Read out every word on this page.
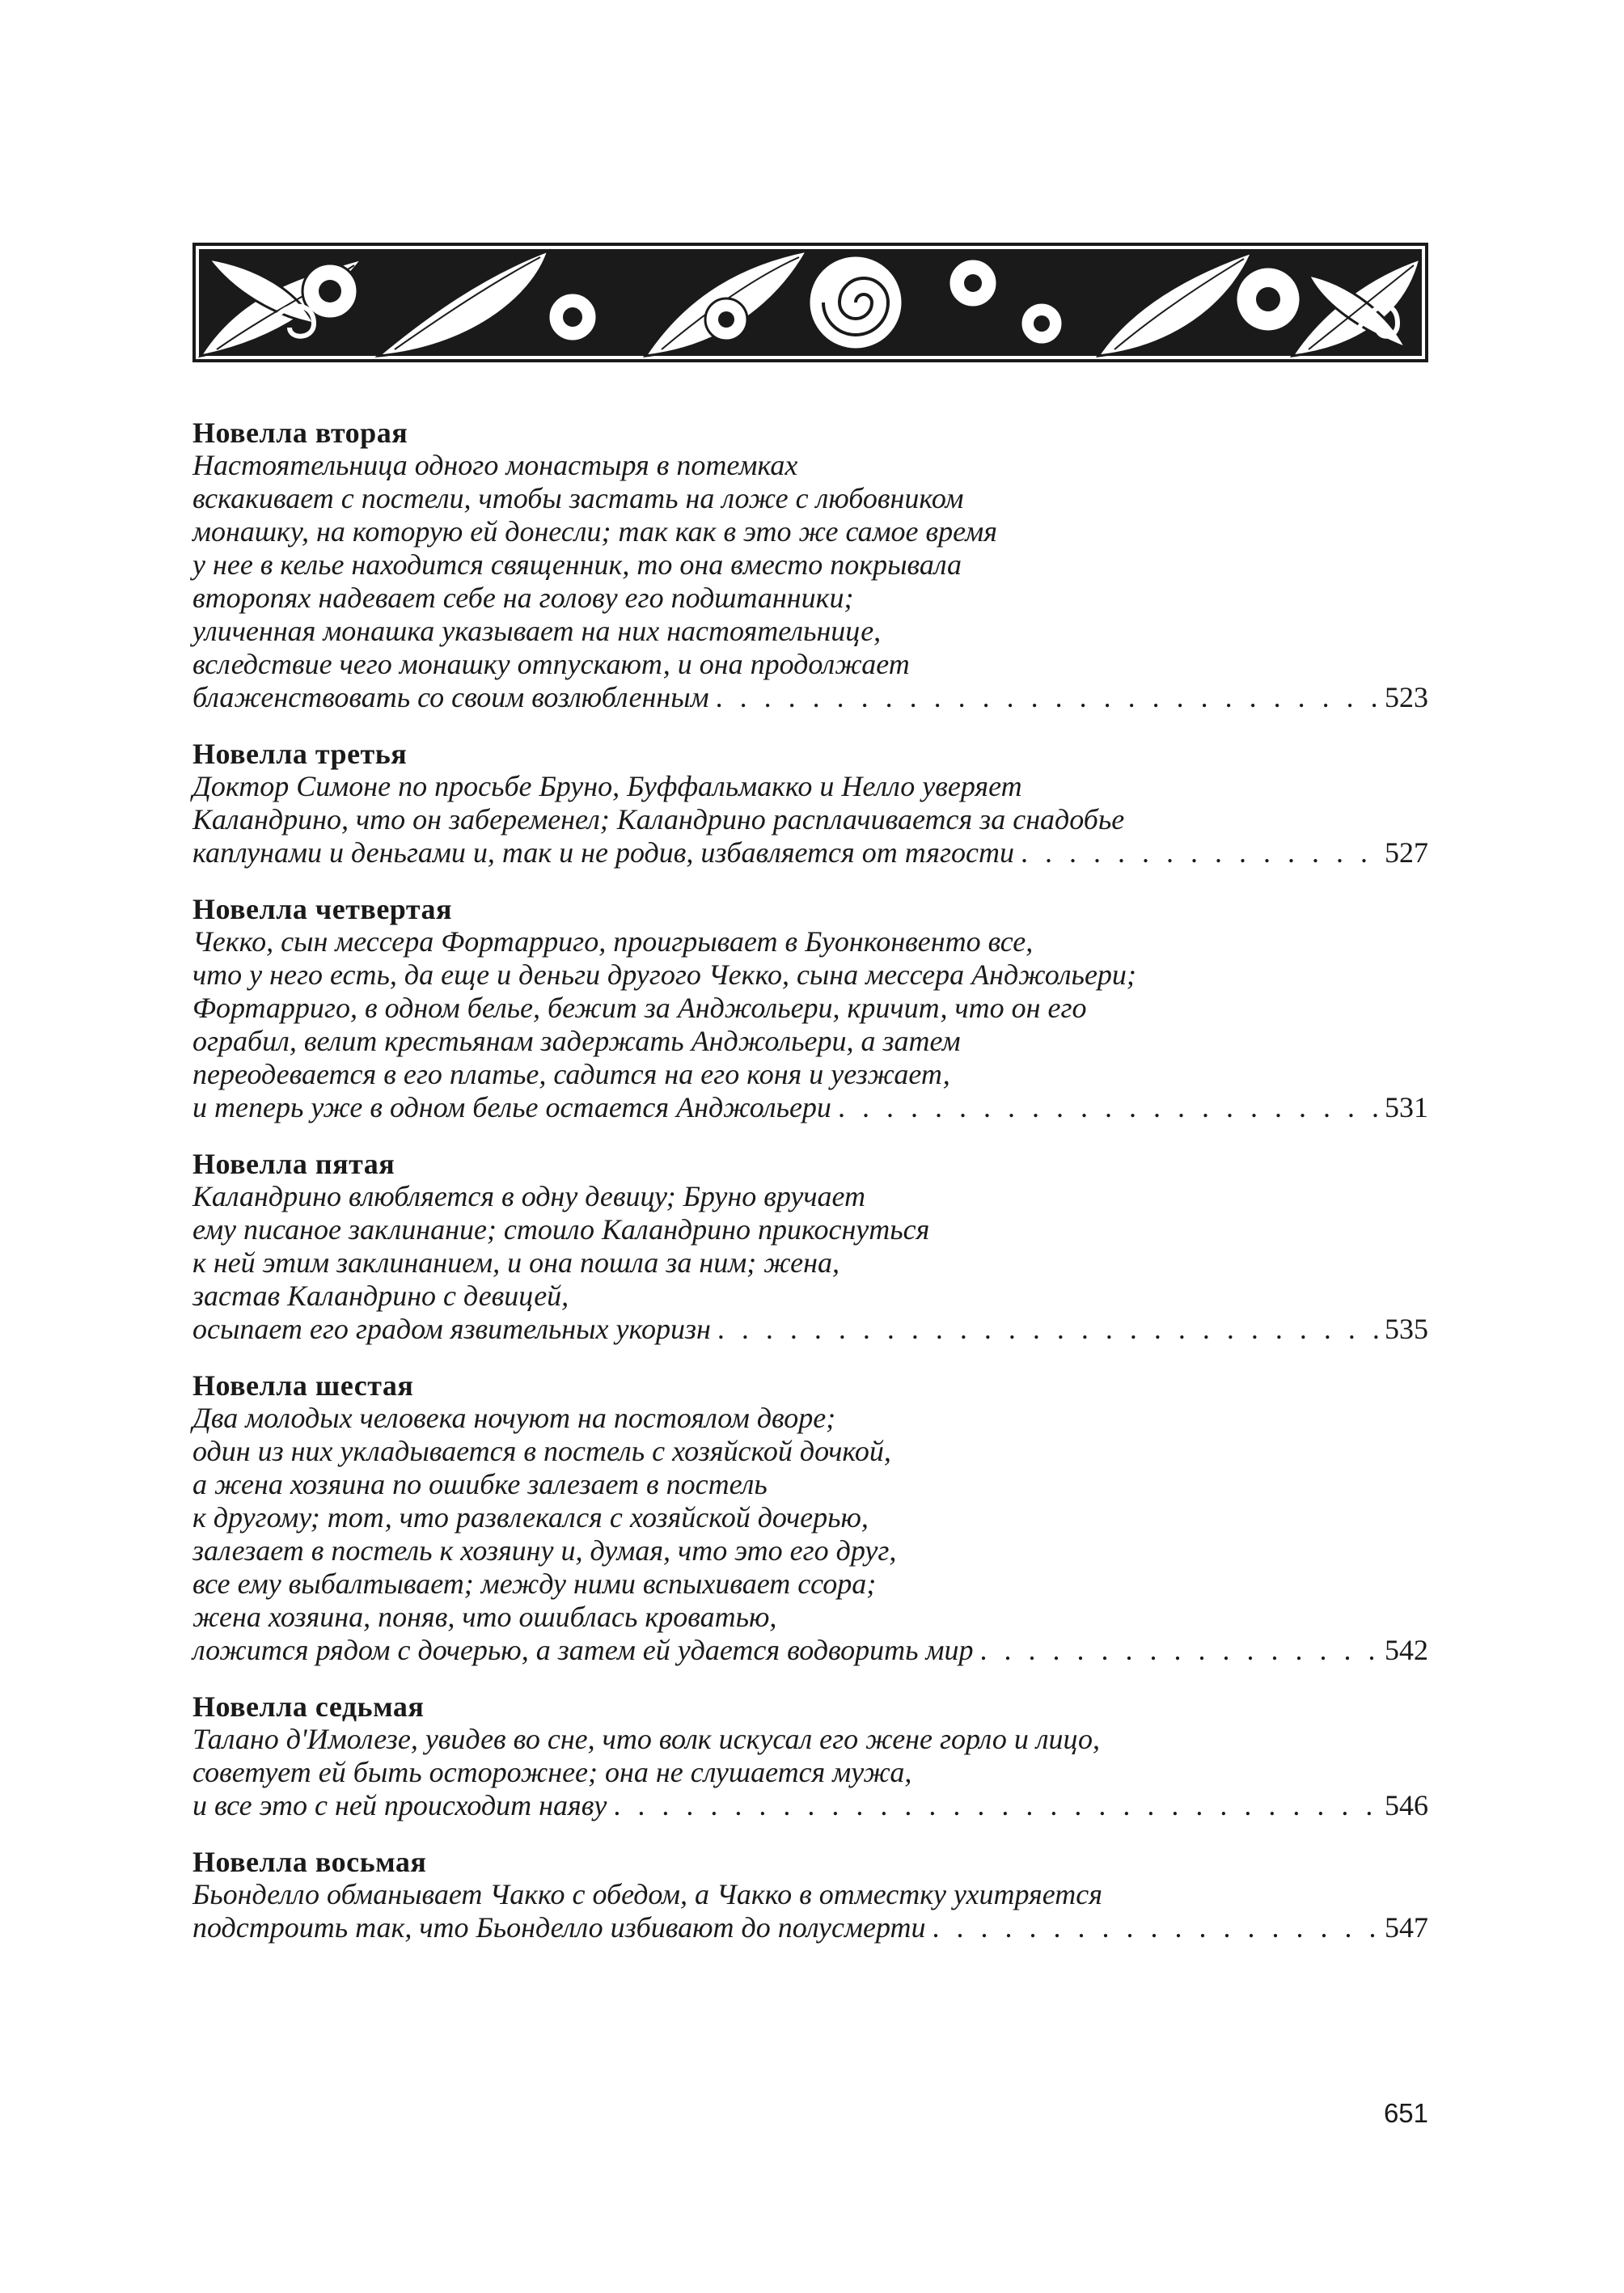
Новелла вторая
Настоятельница одного монастыря в потемках
вскакивает с постели, чтобы застать на ложе с любовником
монашку, на которую ей донесли; так как в это же самое время
у нее в келье находится священник, то она вместо покрывала
второпях надевает себе на голову его подштанники;
уличенная монашка указывает на них настоятельнице,
вследствие чего монашку отпускают, и она продолжает
блаженствовать со своим возлюбленным . . .	523
Новелла третья
Доктор Симоне по просьбе Бруно, Буффальмакко и Нелло уверяет
Каландрино, что он забеременел; Каландрино расплачивается за снадобье
каплунами и деньгами и, так и не родив, избавляется от тягости . . .	527
Новелла четвертая
Чекко, сын мессера Фортарриго, проигрывает в Буонконвенто все,
что у него есть, да еще и деньги другого Чекко, сына мессера Анджольери;
Фортарриго, в одном белье, бежит за Анджольери, кричит, что он его
ограбил, велит крестьянам задержать Анджольери, а затем
переодевается в его платье, садится на его коня и уезжает,
и теперь уже в одном белье остается Анджольери . . .	531
Новелла пятая
Каландрино влюбляется в одну девицу; Бруно вручает
ему писаное заклинание; стоило Каландрино прикоснуться
к ней этим заклинанием, и она пошла за ним; жена,
застав Каландрино с девицей,
осыпает его градом язвительных укоризн . . .	535
Новелла шестая
Два молодых человека ночуют на постоялом дворе;
один из них укладывается в постель с хозяйской дочкой,
а жена хозяина по ошибке залезает в постель
к другому; тот, что развлекался с хозяйской дочерью,
залезает в постель к хозяину и, думая, что это его друг,
все ему выбалтывает; между ними вспыхивает ссора;
жена хозяина, поняв, что ошиблась кроватью,
ложится рядом с дочерью, а затем ей удается водворить мир . . .	542
Новелла седьмая
Талано д'Имолезе, увидев во сне, что волк искусал его жене горло и лицо,
советует ей быть осторожнее; она не слушается мужа,
и все это с ней происходит наяву . . .	546
Новелла восьмая
Бьонделло обманывает Чакко с обедом, а Чакко в отместку ухитряется
подстроить так, что Бьонделло избивают до полусмерти . . .	547
651
